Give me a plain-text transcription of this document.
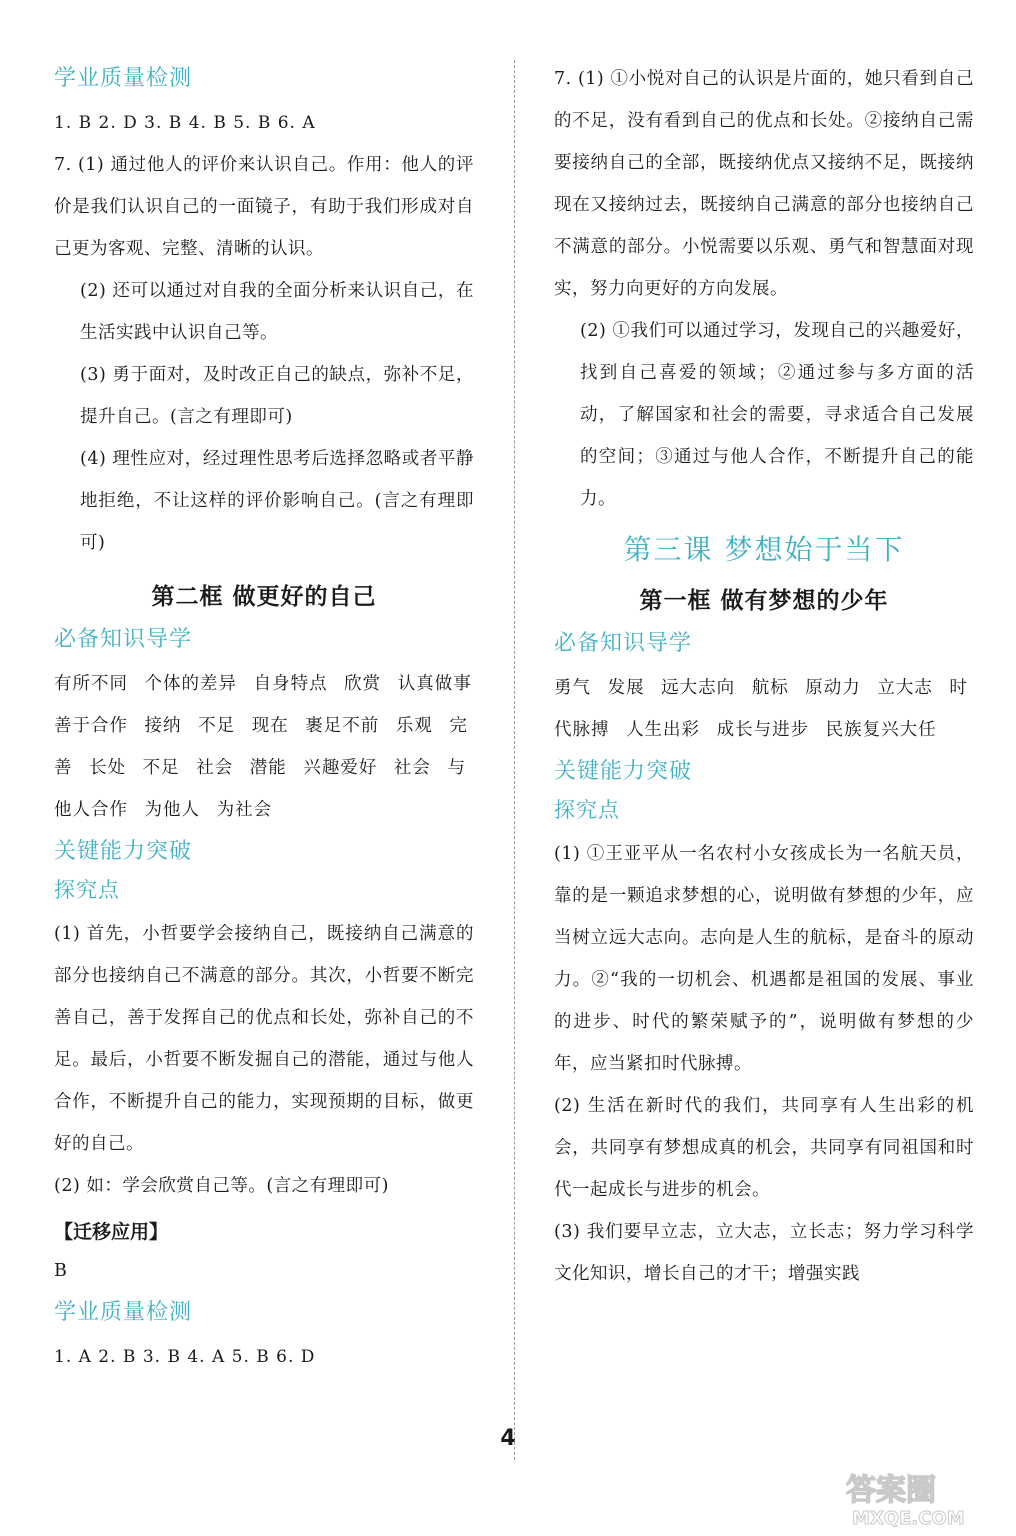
学业质量检测

1. B 2. D 3. B 4. B 5. B 6. A

7. (1) 通过他人的评价来认识自己。作用：他人的评价是我们认识自己的一面镜子，有助于我们形成对自己更为客观、完整、清晰的认识。

(2) 还可以通过对自我的全面分析来认识自己，在生活实践中认识自己等。

(3) 勇于面对，及时改正自己的缺点，弥补不足，提升自己。(言之有理即可)

(4) 理性应对，经过理性思考后选择忽略或者平静地拒绝，不让这样的评价影响自己。(言之有理即可)

第二框 做更好的自己
必备知识导学

有所不同 个体的差异 自身特点 欣赏 认真做事 善于合作 接纳 不足 现在 裹足不前 乐观 完善 长处 不足 社会 潜能 兴趣爱好 社会 与他人合作 为他人 为社会

关键能力突破
探究点

(1) 首先，小哲要学会接纳自己，既接纳自己满意的部分也接纳自己不满意的部分。其次，小哲要不断完善自己，善于发挥自己的优点和长处，弥补自己的不足。最后，小哲要不断发掘自己的潜能，通过与他人合作，不断提升自己的能力，实现预期的目标，做更好的自己。

(2) 如：学会欣赏自己等。(言之有理即可)

【迁移应用】

B

学业质量检测

1. A 2. B 3. B 4. A 5. B 6. D

7. (1) ①小悦对自己的认识是片面的，她只看到自己的不足，没有看到自己的优点和长处。②接纳自己需要接纳自己的全部，既接纳优点又接纳不足，既接纳现在又接纳过去，既接纳自己满意的部分也接纳自己不满意的部分。小悦需要以乐观、勇气和智慧面对现实，努力向更好的方向发展。

(2) ①我们可以通过学习，发现自己的兴趣爱好，找到自己喜爱的领域；②通过参与多方面的活动，了解国家和社会的需要，寻求适合自己发展的空间；③通过与他人合作，不断提升自己的能力。

第三课 梦想始于当下
第一框 做有梦想的少年
必备知识导学

勇气 发展 远大志向 航标 原动力 立大志 时代脉搏 人生出彩 成长与进步 民族复兴大任

关键能力突破
探究点

(1) ①王亚平从一名农村小女孩成长为一名航天员，靠的是一颗追求梦想的心，说明做有梦想的少年，应当树立远大志向。志向是人生的航标，是奋斗的原动力。②“我的一切机会、机遇都是祖国的发展、事业的进步、时代的繁荣赋予的”，说明做有梦想的少年，应当紧扣时代脉搏。

(2) 生活在新时代的我们，共同享有人生出彩的机会，共同享有梦想成真的机会，共同享有同祖国和时代一起成长与进步的机会。

(3) 我们要早立志，立大志，立长志；努力学习科学文化知识，增长自己的才干；增强实践

4
答案圈
MXQE.COM
